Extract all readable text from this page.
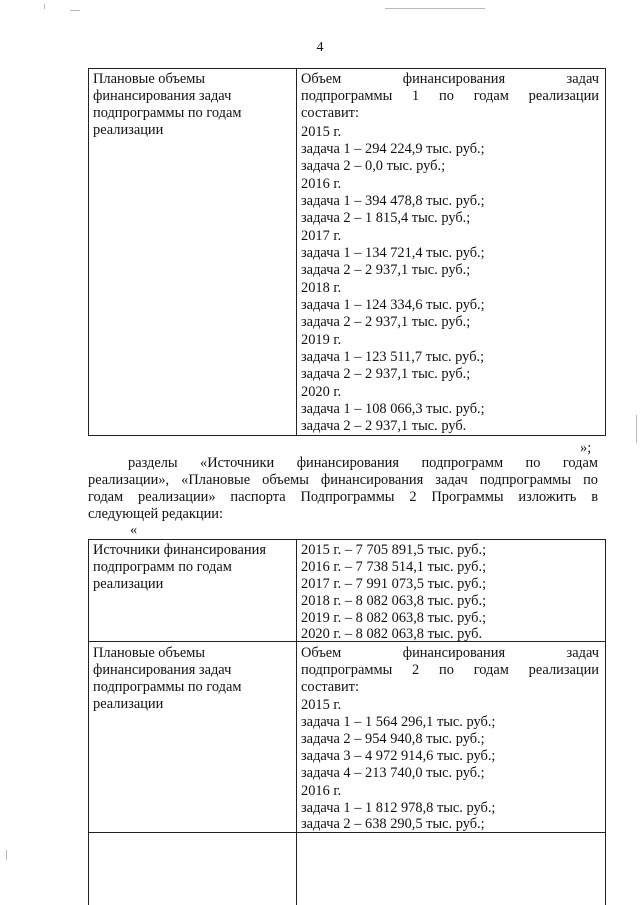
4
Плановые объемы
финансирования задач
подпрограммы по годам
реализации
Объем финансирования задач
подпрограммы 1 по годам реализации
составит:
2015 г.
задача 1 – 294 224,9 тыс. руб.;
задача 2 – 0,0 тыс. руб.;
2016 г.
задача 1 – 394 478,8 тыс. руб.;
задача 2 – 1 815,4 тыс. руб.;
2017 г.
задача 1 – 134 721,4 тыс. руб.;
задача 2 – 2 937,1 тыс. руб.;
2018 г.
задача 1 – 124 334,6 тыс. руб.;
задача 2 – 2 937,1 тыс. руб.;
2019 г.
задача 1 – 123 511,7 тыс. руб.;
задача 2 – 2 937,1 тыс. руб.;
2020 г.
задача 1 – 108 066,3 тыс. руб.;
задача 2 – 2 937,1 тыс. руб.
»;
разделы «Источники финансирования подпрограмм по годам
реализации», «Плановые объемы финансирования задач подпрограммы по
годам реализации» паспорта Подпрограммы 2 Программы изложить в
следующей редакции:
«
Источники финансирования
подпрограмм по годам
реализации
2015 г. – 7 705 891,5 тыс. руб.;
2016 г. – 7 738 514,1 тыс. руб.;
2017 г. – 7 991 073,5 тыс. руб.;
2018 г. – 8 082 063,8 тыс. руб.;
2019 г. – 8 082 063,8 тыс. руб.;
2020 г. – 8 082 063,8 тыс. руб.
Плановые объемы
финансирования задач
подпрограммы по годам
реализации
Объем финансирования задач
подпрограммы 2 по годам реализации
составит:
2015 г.
задача 1 – 1 564 296,1 тыс. руб.;
задача 2 – 954 940,8 тыс. руб.;
задача 3 – 4 972 914,6 тыс. руб.;
задача 4 – 213 740,0 тыс. руб.;
2016 г.
задача 1 – 1 812 978,8 тыс. руб.;
задача 2 – 638 290,5 тыс. руб.;
